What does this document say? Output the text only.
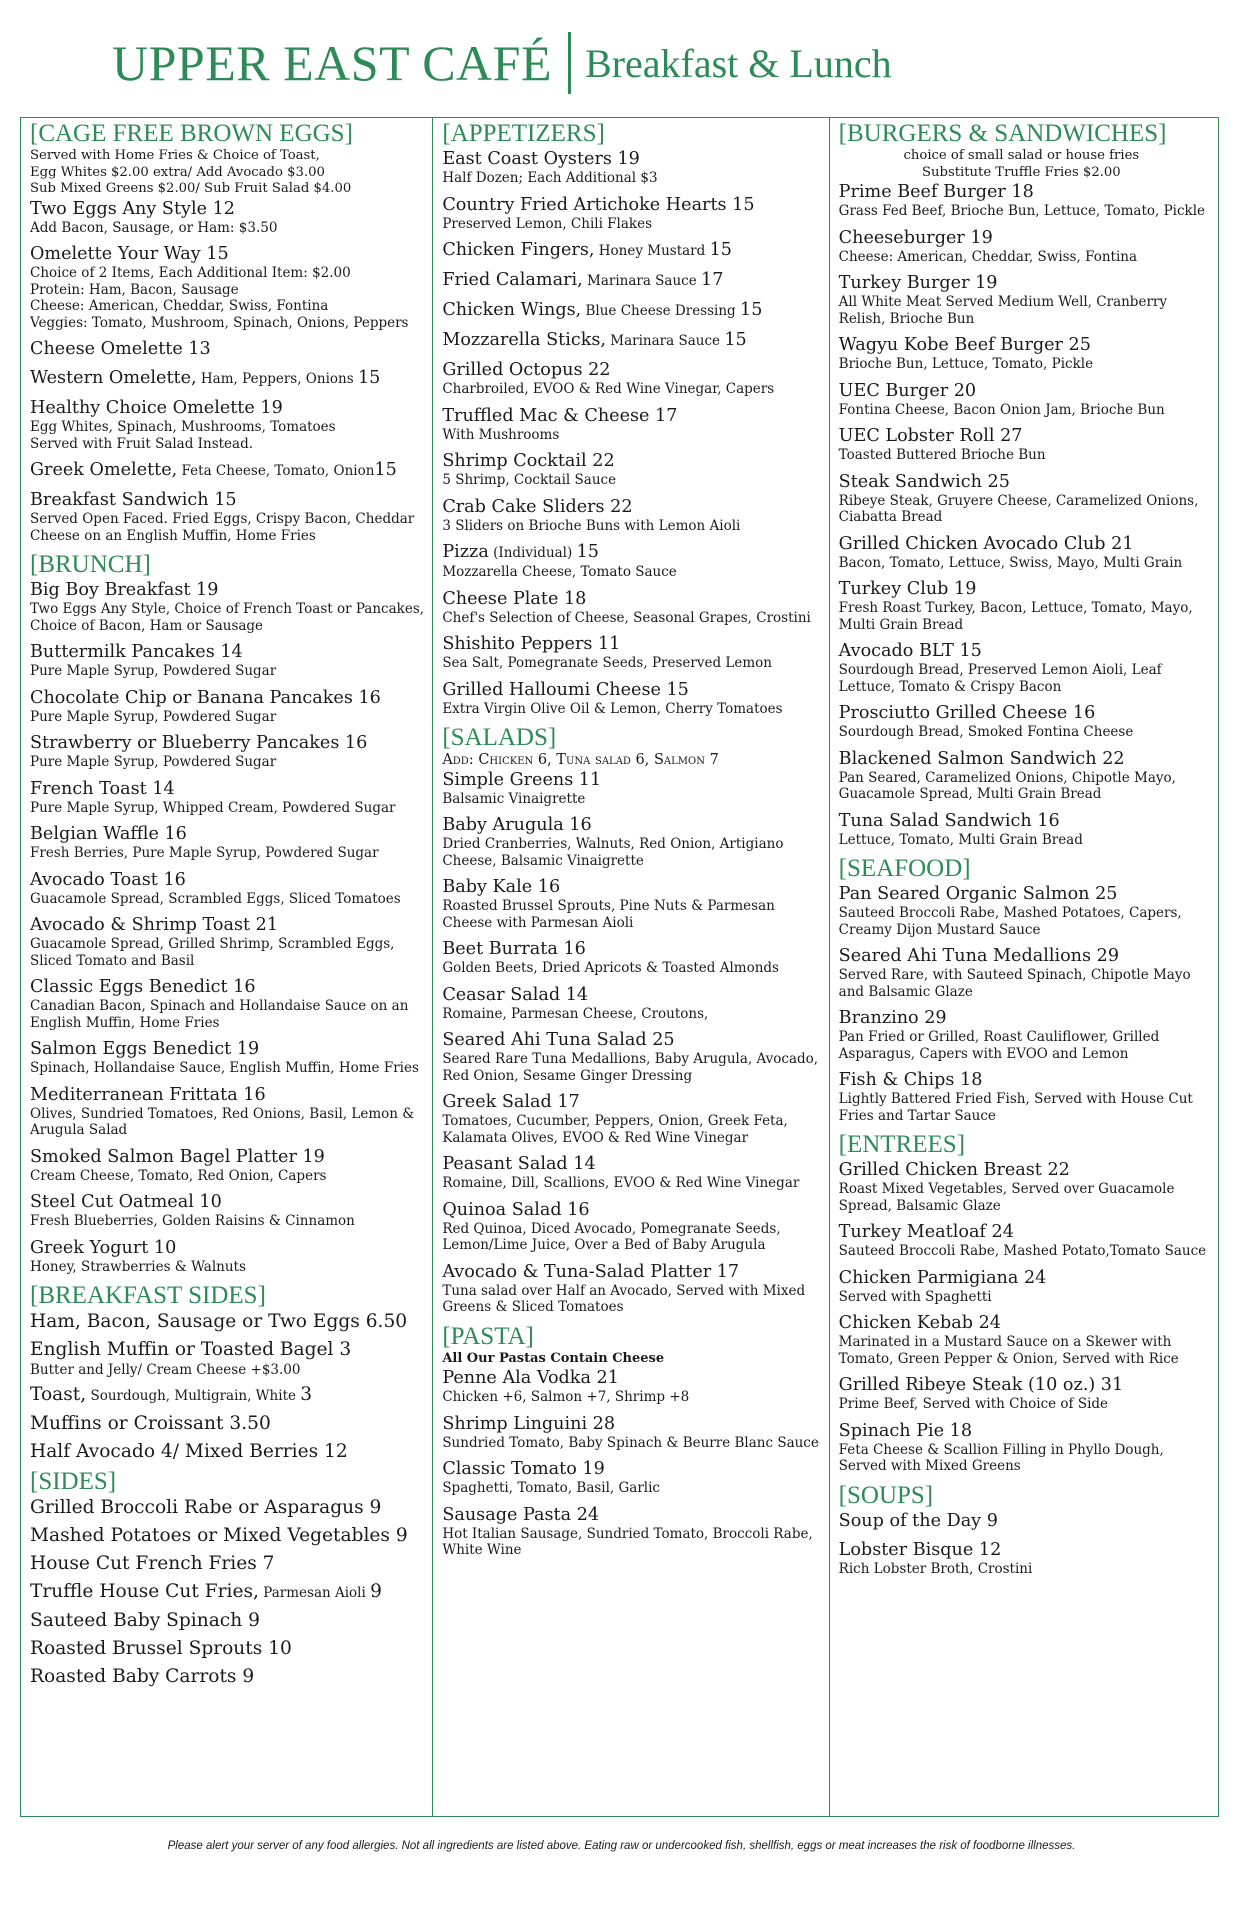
UPPER EAST CAFÉ Breakfast & Lunch
[CAGE FREE BROWN EGGS]
Served with Home Fries & Choice of Toast,
Egg Whites $2.00 extra/ Add Avocado $3.00
Sub Mixed Greens $2.00/ Sub Fruit Salad $4.00
Two Eggs Any Style 12
Add Bacon, Sausage, or Ham: $3.50
Omelette Your Way 15
Choice of 2 Items, Each Additional Item: $2.00
Protein: Ham, Bacon, Sausage
Cheese: American, Cheddar, Swiss, Fontina
Veggies: Tomato, Mushroom, Spinach, Onions, Peppers
Cheese Omelette 13
Western Omelette, Ham, Peppers, Onions 15
Healthy Choice Omelette 19
Egg Whites, Spinach, Mushrooms, Tomatoes
Served with Fruit Salad Instead.
Greek Omelette, Feta Cheese, Tomato, Onion15
Breakfast Sandwich 15
Served Open Faced. Fried Eggs, Crispy Bacon, Cheddar
Cheese on an English Muffin, Home Fries
[BRUNCH]
Big Boy Breakfast 19
Two Eggs Any Style, Choice of French Toast or Pancakes,
Choice of Bacon, Ham or Sausage
Buttermilk Pancakes 14
Pure Maple Syrup, Powdered Sugar
Chocolate Chip or Banana Pancakes 16
Pure Maple Syrup, Powdered Sugar
Strawberry or Blueberry Pancakes 16
Pure Maple Syrup, Powdered Sugar
French Toast 14
Pure Maple Syrup, Whipped Cream, Powdered Sugar
Belgian Waffle 16
Fresh Berries, Pure Maple Syrup, Powdered Sugar
Avocado Toast 16
Guacamole Spread, Scrambled Eggs, Sliced Tomatoes
Avocado & Shrimp Toast 21
Guacamole Spread, Grilled Shrimp, Scrambled Eggs,
Sliced Tomato and Basil
Classic Eggs Benedict 16
Canadian Bacon, Spinach and Hollandaise Sauce on an
English Muffin, Home Fries
Salmon Eggs Benedict 19
Spinach, Hollandaise Sauce, English Muffin, Home Fries
Mediterranean Frittata 16
Olives, Sundried Tomatoes, Red Onions, Basil, Lemon &
Arugula Salad
Smoked Salmon Bagel Platter 19
Cream Cheese, Tomato, Red Onion, Capers
Steel Cut Oatmeal 10
Fresh Blueberries, Golden Raisins & Cinnamon
Greek Yogurt 10
Honey, Strawberries & Walnuts
[BREAKFAST SIDES]
Ham, Bacon, Sausage or Two Eggs 6.50
English Muffin or Toasted Bagel 3
Butter and Jelly/ Cream Cheese +$3.00
Toast, Sourdough, Multigrain, White 3
Muffins or Croissant 3.50
Half Avocado 4/ Mixed Berries 12
[SIDES]
Grilled Broccoli Rabe or Asparagus 9
Mashed Potatoes or Mixed Vegetables 9
House Cut French Fries 7
Truffle House Cut Fries, Parmesan Aioli 9
Sauteed Baby Spinach 9
Roasted Brussel Sprouts 10
Roasted Baby Carrots 9
[APPETIZERS]
East Coast Oysters 19
Half Dozen; Each Additional $3
Country Fried Artichoke Hearts 15
Preserved Lemon, Chili Flakes
Chicken Fingers, Honey Mustard 15
Fried Calamari, Marinara Sauce 17
Chicken Wings, Blue Cheese Dressing 15
Mozzarella Sticks, Marinara Sauce 15
Grilled Octopus 22
Charbroiled, EVOO & Red Wine Vinegar, Capers
Truffled Mac & Cheese 17
With Mushrooms
Shrimp Cocktail 22
5 Shrimp, Cocktail Sauce
Crab Cake Sliders 22
3 Sliders on Brioche Buns with Lemon Aioli
Pizza (Individual) 15
Mozzarella Cheese, Tomato Sauce
Cheese Plate 18
Chef's Selection of Cheese, Seasonal Grapes, Crostini
Shishito Peppers 11
Sea Salt, Pomegranate Seeds, Preserved Lemon
Grilled Halloumi Cheese 15
Extra Virgin Olive Oil & Lemon, Cherry Tomatoes
[SALADS]
Add: Chicken 6, Tuna salad 6, Salmon 7
Simple Greens 11
Balsamic Vinaigrette
Baby Arugula 16
Dried Cranberries, Walnuts, Red Onion, Artigiano
Cheese, Balsamic Vinaigrette
Baby Kale 16
Roasted Brussel Sprouts, Pine Nuts & Parmesan
Cheese with Parmesan Aioli
Beet Burrata 16
Golden Beets, Dried Apricots & Toasted Almonds
Ceasar Salad 14
Romaine, Parmesan Cheese, Croutons,
Seared Ahi Tuna Salad 25
Seared Rare Tuna Medallions, Baby Arugula, Avocado,
Red Onion, Sesame Ginger Dressing
Greek Salad 17
Tomatoes, Cucumber, Peppers, Onion, Greek Feta,
Kalamata Olives, EVOO & Red Wine Vinegar
Peasant Salad 14
Romaine, Dill, Scallions, EVOO & Red Wine Vinegar
Quinoa Salad 16
Red Quinoa, Diced Avocado, Pomegranate Seeds,
Lemon/Lime Juice, Over a Bed of Baby Arugula
Avocado & Tuna-Salad Platter 17
Tuna salad over Half an Avocado, Served with Mixed
Greens & Sliced Tomatoes
[PASTA]
All Our Pastas Contain Cheese
Penne Ala Vodka 21
Chicken +6, Salmon +7, Shrimp +8
Shrimp Linguini 28
Sundried Tomato, Baby Spinach & Beurre Blanc Sauce
Classic Tomato 19
Spaghetti, Tomato, Basil, Garlic
Sausage Pasta 24
Hot Italian Sausage, Sundried Tomato, Broccoli Rabe,
White Wine
[BURGERS & SANDWICHES]
choice of small salad or house fries
Substitute Truffle Fries $2.00
Prime Beef Burger 18
Grass Fed Beef, Brioche Bun, Lettuce, Tomato, Pickle
Cheeseburger 19
Cheese: American, Cheddar, Swiss, Fontina
Turkey Burger 19
All White Meat Served Medium Well, Cranberry
Relish, Brioche Bun
Wagyu Kobe Beef Burger 25
Brioche Bun, Lettuce, Tomato, Pickle
UEC Burger 20
Fontina Cheese, Bacon Onion Jam, Brioche Bun
UEC Lobster Roll 27
Toasted Buttered Brioche Bun
Steak Sandwich 25
Ribeye Steak, Gruyere Cheese, Caramelized Onions,
Ciabatta Bread
Grilled Chicken Avocado Club 21
Bacon, Tomato, Lettuce, Swiss, Mayo, Multi Grain
Turkey Club 19
Fresh Roast Turkey, Bacon, Lettuce, Tomato, Mayo,
Multi Grain Bread
Avocado BLT 15
Sourdough Bread, Preserved Lemon Aioli, Leaf
Lettuce, Tomato & Crispy Bacon
Prosciutto Grilled Cheese 16
Sourdough Bread, Smoked Fontina Cheese
Blackened Salmon Sandwich 22
Pan Seared, Caramelized Onions, Chipotle Mayo,
Guacamole Spread, Multi Grain Bread
Tuna Salad Sandwich 16
Lettuce, Tomato, Multi Grain Bread
[SEAFOOD]
Pan Seared Organic Salmon 25
Sauteed Broccoli Rabe, Mashed Potatoes, Capers,
Creamy Dijon Mustard Sauce
Seared Ahi Tuna Medallions 29
Served Rare, with Sauteed Spinach, Chipotle Mayo
and Balsamic Glaze
Branzino 29
Pan Fried or Grilled, Roast Cauliflower, Grilled
Asparagus, Capers with EVOO and Lemon
Fish & Chips 18
Lightly Battered Fried Fish, Served with House Cut
Fries and Tartar Sauce
[ENTREES]
Grilled Chicken Breast 22
Roast Mixed Vegetables, Served over Guacamole
Spread, Balsamic Glaze
Turkey Meatloaf 24
Sauteed Broccoli Rabe, Mashed Potato,Tomato Sauce
Chicken Parmigiana 24
Served with Spaghetti
Chicken Kebab 24
Marinated in a Mustard Sauce on a Skewer with
Tomato, Green Pepper & Onion, Served with Rice
Grilled Ribeye Steak (10 oz.) 31
Prime Beef, Served with Choice of Side
Spinach Pie 18
Feta Cheese & Scallion Filling in Phyllo Dough,
Served with Mixed Greens
[SOUPS]
Soup of the Day 9
Lobster Bisque 12
Rich Lobster Broth, Crostini
Please alert your server of any food allergies. Not all ingredients are listed above. Eating raw or undercooked fish, shellfish, eggs or meat increases the risk of foodborne illnesses.
